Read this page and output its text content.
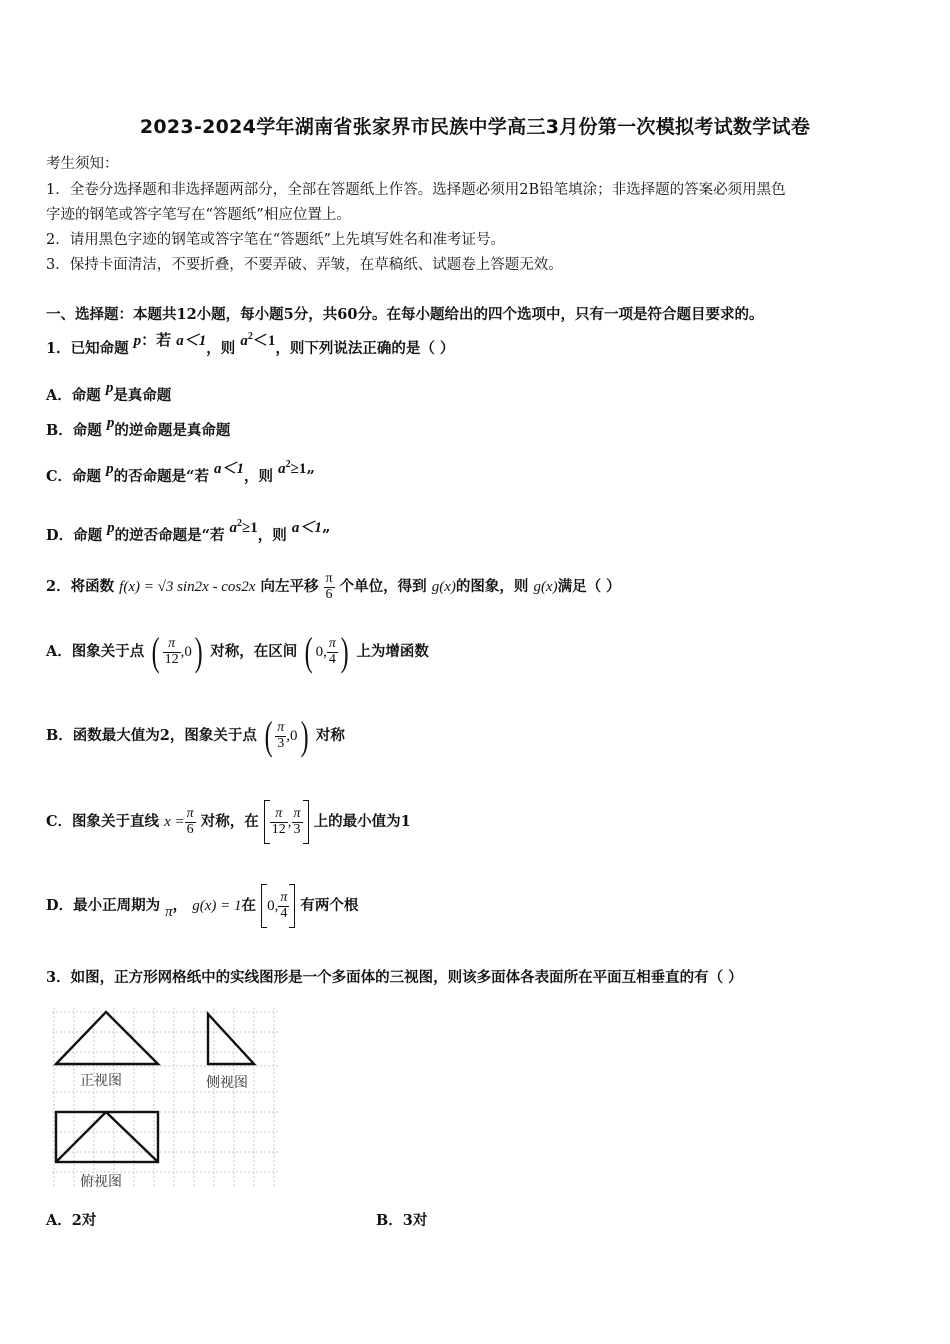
2023-2024学年湖南省张家界市民族中学高三3月份第一次模拟考试数学试卷
考生须知：
1．全卷分选择题和非选择题两部分，全部在答题纸上作答。选择题必须用2B铅笔填涂；非选择题的答案必须用黑色
字迹的钢笔或答字笔写在“答题纸”相应位置上。
2．请用黑色字迹的钢笔或答字笔在“答题纸”上先填写姓名和准考证号。
3．保持卡面清洁，不要折叠，不要弄破、弄皱，在草稿纸、试题卷上答题无效。
一、选择题：本题共12小题，每小题5分，共60分。在每小题给出的四个选项中，只有一项是符合题目要求的。
1．已知命题 p：若 a＜1，则 $a^2<1$，则下列说法正确的是（ ）
A．命题 p是真命题
B．命题 p的逆命题是真命题
C．命题 p的否命题是“若 a＜1，则 $a^2\ge 1$”
D．命题 p的逆否命题是“若 $a^2\ge 1$，则 a＜1”
2．将函数 f(x) = √3 sin2x - cos2x 向左平移 $\frac{\pi}{6}$ 个单位，得到 g(x)的图象，则 g(x)满足（ ）
A．图象关于点 ( $\frac{\pi}{12} ,0$) 对称，在区间 ( 0, $\frac{\pi}{4}$ ) 上为增函数
B．函数最大值为2，图象关于点 ( $\frac{\pi}{3} ,0$) 对称
C．图象关于直线 $x = \frac{\pi}{6}$ 对称，在 $\frac{\pi}{12}$ , $\frac{\pi}{3}$ 上的最小值为1
D．最小正周期为 π， g(x) = 1在 0, $\frac{\pi}{4}$ 有两个根
3．如图，正方形网格纸中的实线图形是一个多面体的三视图，则该多面体各表面所在平面互相垂直的有（ ）
正视图	侧视图
俯视图
A．2对	B．3对
